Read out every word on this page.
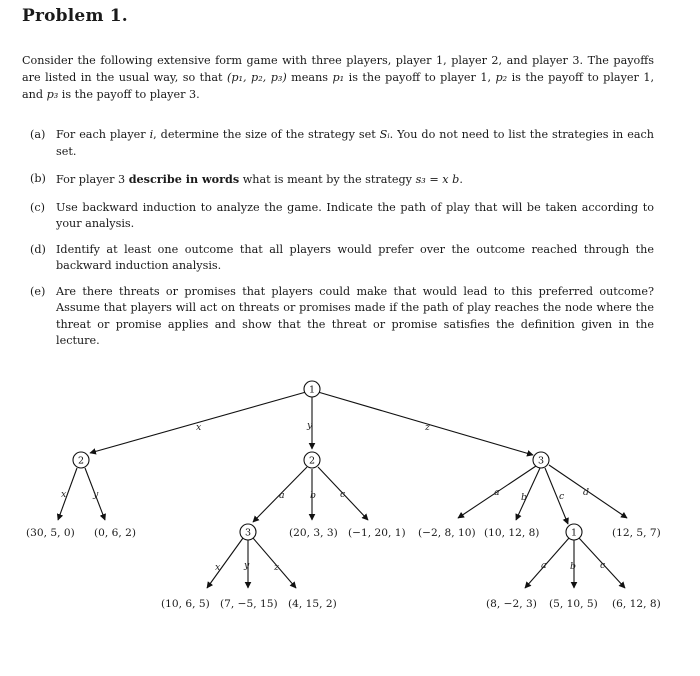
Problem 1.
Consider the following extensive form game with three players, player 1, player 2, and player 3. The payoffs are listed in the usual way, so that (p₁, p₂, p₃) means p₁ is the payoff to player 1, p₂ is the payoff to player 1, and p₃ is the payoff to player 3.
(a) For each player i, determine the size of the strategy set Sᵢ. You do not need to list the strategies in each set.
(b) For player 3 describe in words what is meant by the strategy s₃ = x b.
(c) Use backward induction to analyze the game. Indicate the path of play that will be taken according to your analysis.
(d) Identify at least one outcome that all players would prefer over the outcome reached through the backward induction analysis.
(e) Are there threats or promises that players could make that would lead to this preferred outcome? Assume that players will act on threats or promises made if the path of play reaches the node where the threat or promise applies and show that the threat or promise satisfies the definition given in the lecture.
1
2	2	3
3	1
x	y	z
x	y	a	b	c
x	y	z
a b	c d
a b	c
(30, 5, 0) (0, 6, 2)
(10, 6, 5) (7, −5, 15) (4, 15, 2)
(20, 3, 3) (−1, 20, 1) (−2, 8, 10) (10, 12, 8)	(12, 5, 7)
(8, −2, 3) (5, 10, 5) (6, 12, 8)
